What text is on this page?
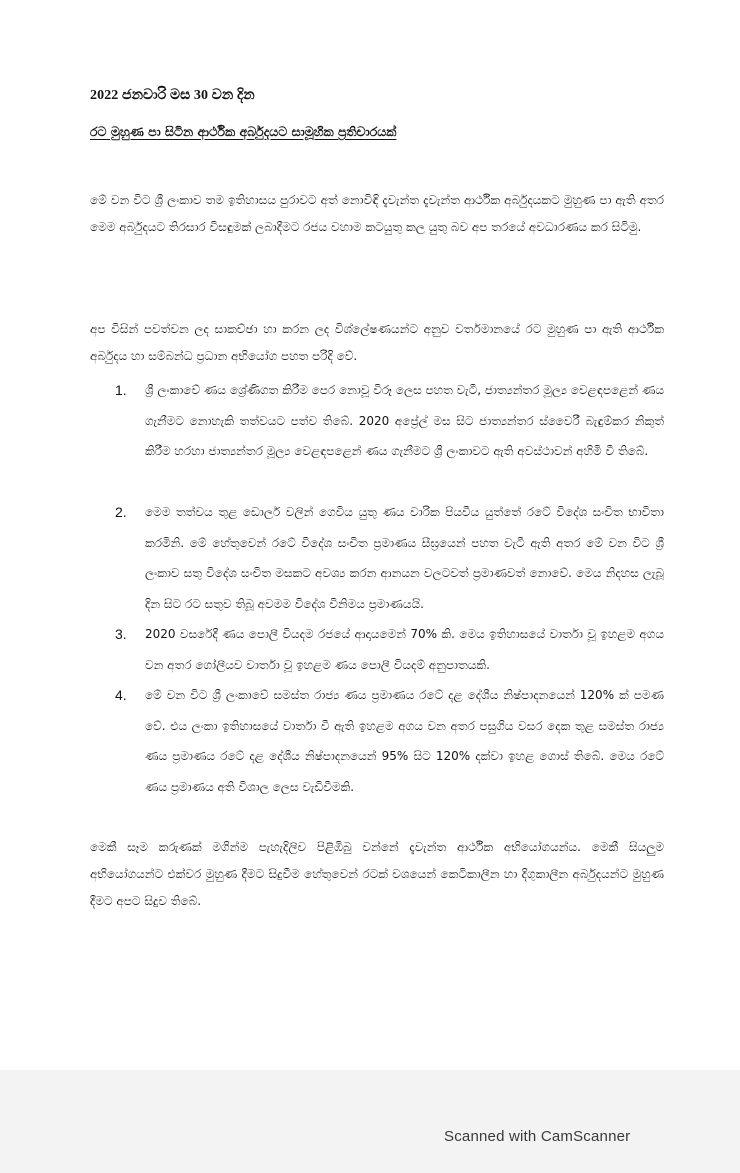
2022 ජනවාරි මස 30 වන දින
රට මුහුණ පා සිටින ආර්ථික අර්බුදයට සාමූහික ප්‍රතිචාරයක්

මේ වන විට ශ්‍රී ලංකාව තම ඉතිහාසය පුරාවට අත් නොවිඳි දැවැන්ත දැවැන්ත ආර්ථික අර්බුදයකට මුහුණ පා ඇති අතර මෙම අර්බුදයට තිරසාර විසඳුමක් ලබාදීමට රජය වහාම කටයුතු කල යුතු බව අප තරයේ අවධාරණය කර සිටිමු.

අප විසින් පවත්වන ලද සාකච්ඡා හා කරන ලද විශ්ලේෂණයන්ට අනුව වර්තමානයේ රට මුහුණ පා ඇති ආර්ථික අර්බුදය හා සම්බන්ධ ප්‍රධාන අභියෝග පහත පරිදි වේ.

1. ශ්‍රී ලංකාවේ ණය ශ්‍රේණිගත කිරීම පෙර නොවූ විරූ ලෙස පහත වැටී, ජාත්‍යන්තර මූල්‍ය වෙළඳපළෙන් ණය ගැනීමට නොහැකි තත්වයට පත්ව තිබේ. 2020 අප්‍රේල් මස සිට ජාත්‍යන්තර ස්වෛරී බැඳුම්කර නිකුත් කිරීම හරහා ජාත්‍යන්තර මූල්‍ය වෙළඳපළෙන් ණය ගැනීමට ශ්‍රී ලංකාවට ඇති අවස්ථාවන් අහිමි වී තිබේ.
2. මෙම තත්වය තුළ ඩොලර් වලින් ගෙවිය යුතු ණය වාරික පියවීය යුත්තේ රටේ විදේශ සංචිත භාවිතා කරමිනි. මේ හේතුවෙන් රටේ විදේශ සංචිත ප්‍රමාණය සීඝ්‍රයෙන් පහත වැටී ඇති අතර මේ වන විට ශ්‍රී ලංකාව සතු විදේශ සංචිත මසකට අවශ්‍ය කරන ආනයන වලටවත් ප්‍රමාණවත් නොවේ. මෙය නිදහස ලැබූ දින සිට රට සතුව තිබූ අවමම විදේශ විනිමය ප්‍රමාණයයි.
3. 2020 වසරේදී ණය පොලී වියදම රජයේ ආදායමෙන් 70% කි. මෙය ඉතිහාසයේ වාර්තා වූ ඉහළම අගය වන අතර ගෝලීයව වාර්තා වූ ඉහළම ණය පොලී වියදම් අනුපාතයකි.
4. මේ වන විට ශ්‍රී ලංකාවේ සමස්ත රාජ්‍ය ණය ප්‍රමාණය රටේ දළ දේශීය නිෂ්පාදනයෙන් 120% ක් පමණ වේ. එය ලංකා ඉතිහාසයේ වාර්තා වී ඇති ඉහළම අගය වන අතර පසුගිය වසර දෙක තුළ සමස්ත රාජ්‍ය ණය ප්‍රමාණය රටේ දළ දේශීය නිෂ්පාදනයෙන් 95% සිට 120% දක්වා ඉහළ ගොස් තිබේ. මෙය රටේ ණය ප්‍රමාණය අති විශාල ලෙස වැඩිවීමකි.

මෙකී සෑම කරුණක් මගින්ම පැහැදිලිව පිළිඹිබු වන්නේ දැවැන්ත ආර්ථික අභියෝගයන්ය. මෙකී සියලුම අභියෝගයන්ට එක්වර මුහුණ දීමට සිදුවීම හේතුවෙන් රටක් වශයෙන් කෙටිකාලීන හා දිගුකාලීන අර්බුදයන්ට මුහුණ දීමට අපට සිදුව තිබේ.

Scanned with CamScanner
